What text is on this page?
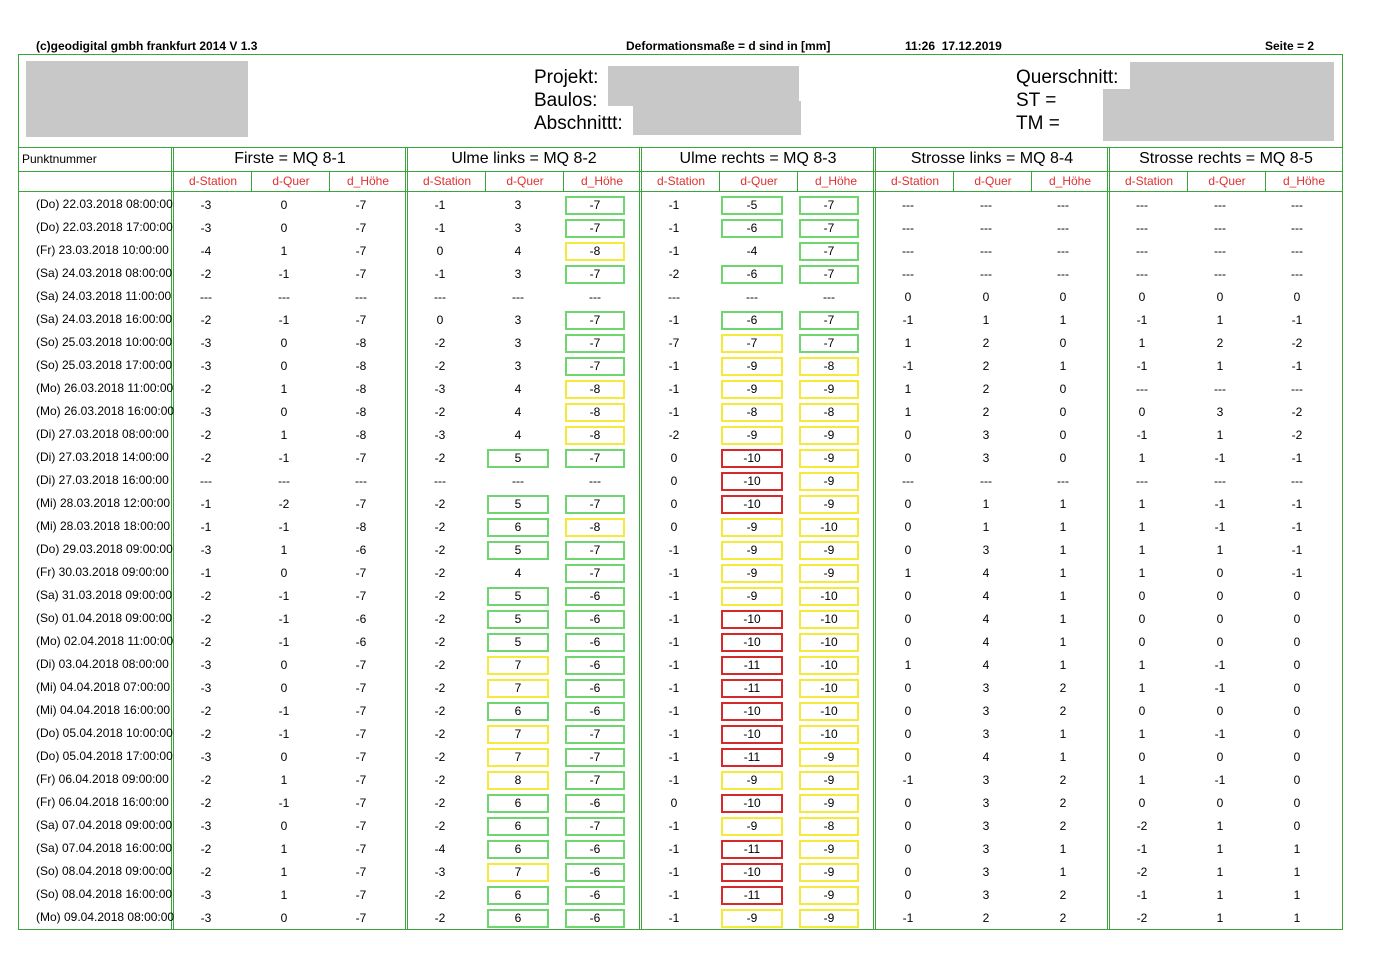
(c)geodigital gmbh frankfurt 2014 V 1.3	Deformationsmaße = d sind in [mm]	11:26  17.12.2019	Seite = 2
Projekt:
Baulos:
Abschnittt:
Querschnitt:
ST =
TM =
Punktnummer	Firste = MQ 8-1	Ulme links = MQ 8-2	Ulme rechts = MQ 8-3	Strosse links = MQ 8-4	Strosse rechts = MQ 8-5
d-Station	d-Quer	d_Höhe	d-Station	d-Quer	d_Höhe	d-Station	d-Quer	d_Höhe	d-Station	d-Quer	d_Höhe	d-Station	d-Quer	d_Höhe
(Do) 22.03.2018 08:00:00	-3	0	-7	-1	3	-7	-1	-5	-7	---	---	---	---	---	---
(Do) 22.03.2018 17:00:00	-3	0	-7	-1	3	-7	-1	-6	-7	---	---	---	---	---	---
(Fr) 23.03.2018 10:00:00	-4	1	-7	0	4	-8	-1	-4	-7	---	---	---	---	---	---
(Sa) 24.03.2018 08:00:00	-2	-1	-7	-1	3	-7	-2	-6	-7	---	---	---	---	---	---
(Sa) 24.03.2018 11:00:00	---	---	---	---	---	---	---	---	---	0	0	0	0	0	0
(Sa) 24.03.2018 16:00:00	-2	-1	-7	0	3	-7	-1	-6	-7	-1	1	1	-1	1	-1
(So) 25.03.2018 10:00:00	-3	0	-8	-2	3	-7	-7	-7	-7	1	2	0	1	2	-2
(So) 25.03.2018 17:00:00	-3	0	-8	-2	3	-7	-1	-9	-8	-1	2	1	-1	1	-1
(Mo) 26.03.2018 11:00:00	-2	1	-8	-3	4	-8	-1	-9	-9	1	2	0	---	---	---
(Mo) 26.03.2018 16:00:00	-3	0	-8	-2	4	-8	-1	-8	-8	1	2	0	0	3	-2
(Di) 27.03.2018 08:00:00	-2	1	-8	-3	4	-8	-2	-9	-9	0	3	0	-1	1	-2
(Di) 27.03.2018 14:00:00	-2	-1	-7	-2	5	-7	0	-10	-9	0	3	0	1	-1	-1
(Di) 27.03.2018 16:00:00	---	---	---	---	---	---	0	-10	-9	---	---	---	---	---	---
(Mi) 28.03.2018 12:00:00	-1	-2	-7	-2	5	-7	0	-10	-9	0	1	1	1	-1	-1
(Mi) 28.03.2018 18:00:00	-1	-1	-8	-2	6	-8	0	-9	-10	0	1	1	1	-1	-1
(Do) 29.03.2018 09:00:00	-3	1	-6	-2	5	-7	-1	-9	-9	0	3	1	1	1	-1
(Fr) 30.03.2018 09:00:00	-1	0	-7	-2	4	-7	-1	-9	-9	1	4	1	1	0	-1
(Sa) 31.03.2018 09:00:00	-2	-1	-7	-2	5	-6	-1	-9	-10	0	4	1	0	0	0
(So) 01.04.2018 09:00:00	-2	-1	-6	-2	5	-6	-1	-10	-10	0	4	1	0	0	0
(Mo) 02.04.2018 11:00:00	-2	-1	-6	-2	5	-6	-1	-10	-10	0	4	1	0	0	0
(Di) 03.04.2018 08:00:00	-3	0	-7	-2	7	-6	-1	-11	-10	1	4	1	1	-1	0
(Mi) 04.04.2018 07:00:00	-3	0	-7	-2	7	-6	-1	-11	-10	0	3	2	1	-1	0
(Mi) 04.04.2018 16:00:00	-2	-1	-7	-2	6	-6	-1	-10	-10	0	3	2	0	0	0
(Do) 05.04.2018 10:00:00	-2	-1	-7	-2	7	-7	-1	-10	-10	0	3	1	1	-1	0
(Do) 05.04.2018 17:00:00	-3	0	-7	-2	7	-7	-1	-11	-9	0	4	1	0	0	0
(Fr) 06.04.2018 09:00:00	-2	1	-7	-2	8	-7	-1	-9	-9	-1	3	2	1	-1	0
(Fr) 06.04.2018 16:00:00	-2	-1	-7	-2	6	-6	0	-10	-9	0	3	2	0	0	0
(Sa) 07.04.2018 09:00:00	-3	0	-7	-2	6	-7	-1	-9	-8	0	3	2	-2	1	0
(Sa) 07.04.2018 16:00:00	-2	1	-7	-4	6	-6	-1	-11	-9	0	3	1	-1	1	1
(So) 08.04.2018 09:00:00	-2	1	-7	-3	7	-6	-1	-10	-9	0	3	1	-2	1	1
(So) 08.04.2018 16:00:00	-3	1	-7	-2	6	-6	-1	-11	-9	0	3	2	-1	1	1
(Mo) 09.04.2018 08:00:00	-3	0	-7	-2	6	-6	-1	-9	-9	-1	2	2	-2	1	1
